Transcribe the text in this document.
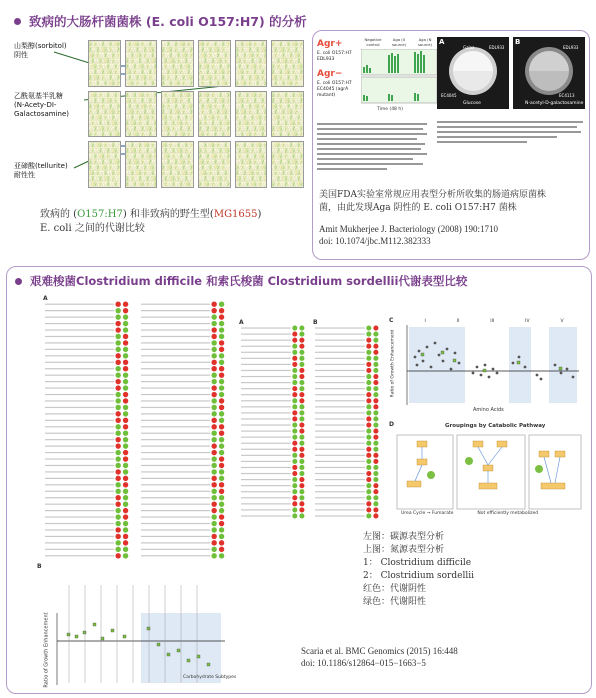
致病的大肠杆菌菌株 (E. coli O157:H7) 的分析
山梨醇(sorbitol)
阴性
乙酰氨基半乳糖
(N-Acety-DI-
Galactosamine)
亚碲酸(tellurite)
耐性性
致病的 (O157:H7) 和非致病的野生型(MG1655)
E. coli 之间的代谢比较
Agr+
E. coli O157:H7 EDL933
Agr−
E. coli O157:H7 EC4045 (agrA mutant)
Negative control
Aga (0 source)
Aga (N source)
Time (48 h)
A
Galaz	EDL933
EC4045
Glucose
B
EDL933
EC4113
N-acetyl-D-galactosamine
美国FDA实验室常规应用表型分析所收集的肠道病原菌株
菌，由此发现Aga 阴性的 E. coli O157:H7 菌株
Amit Mukherjee J. Bacteriology (2008) 190:1710
doi: 10.1074/jbc.M112.382333
艰难梭菌Clostridium difficile 和索氏梭菌 Clostridium sordellii代谢表型比较
A
B
Ratio of Growth Enhancement	Carbohydrate Subtypes
A	B	C	I	II	III	IV	V
Ratio of Growth Enhancement
Amino Acids
D	Groupings by Catabolic Pathway
Urea Cycle → Fumarate	Not efficiently metabolized
左图：碳源表型分析
上图：氮源表型分析
1： Clostridium difficile
2： Clostridium sordellii
红色：代谢阴性
绿色：代谢阳性
Scaria et al. BMC Genomics (2015) 16:448
doi: 10.1186/s12864−015−1663−5
